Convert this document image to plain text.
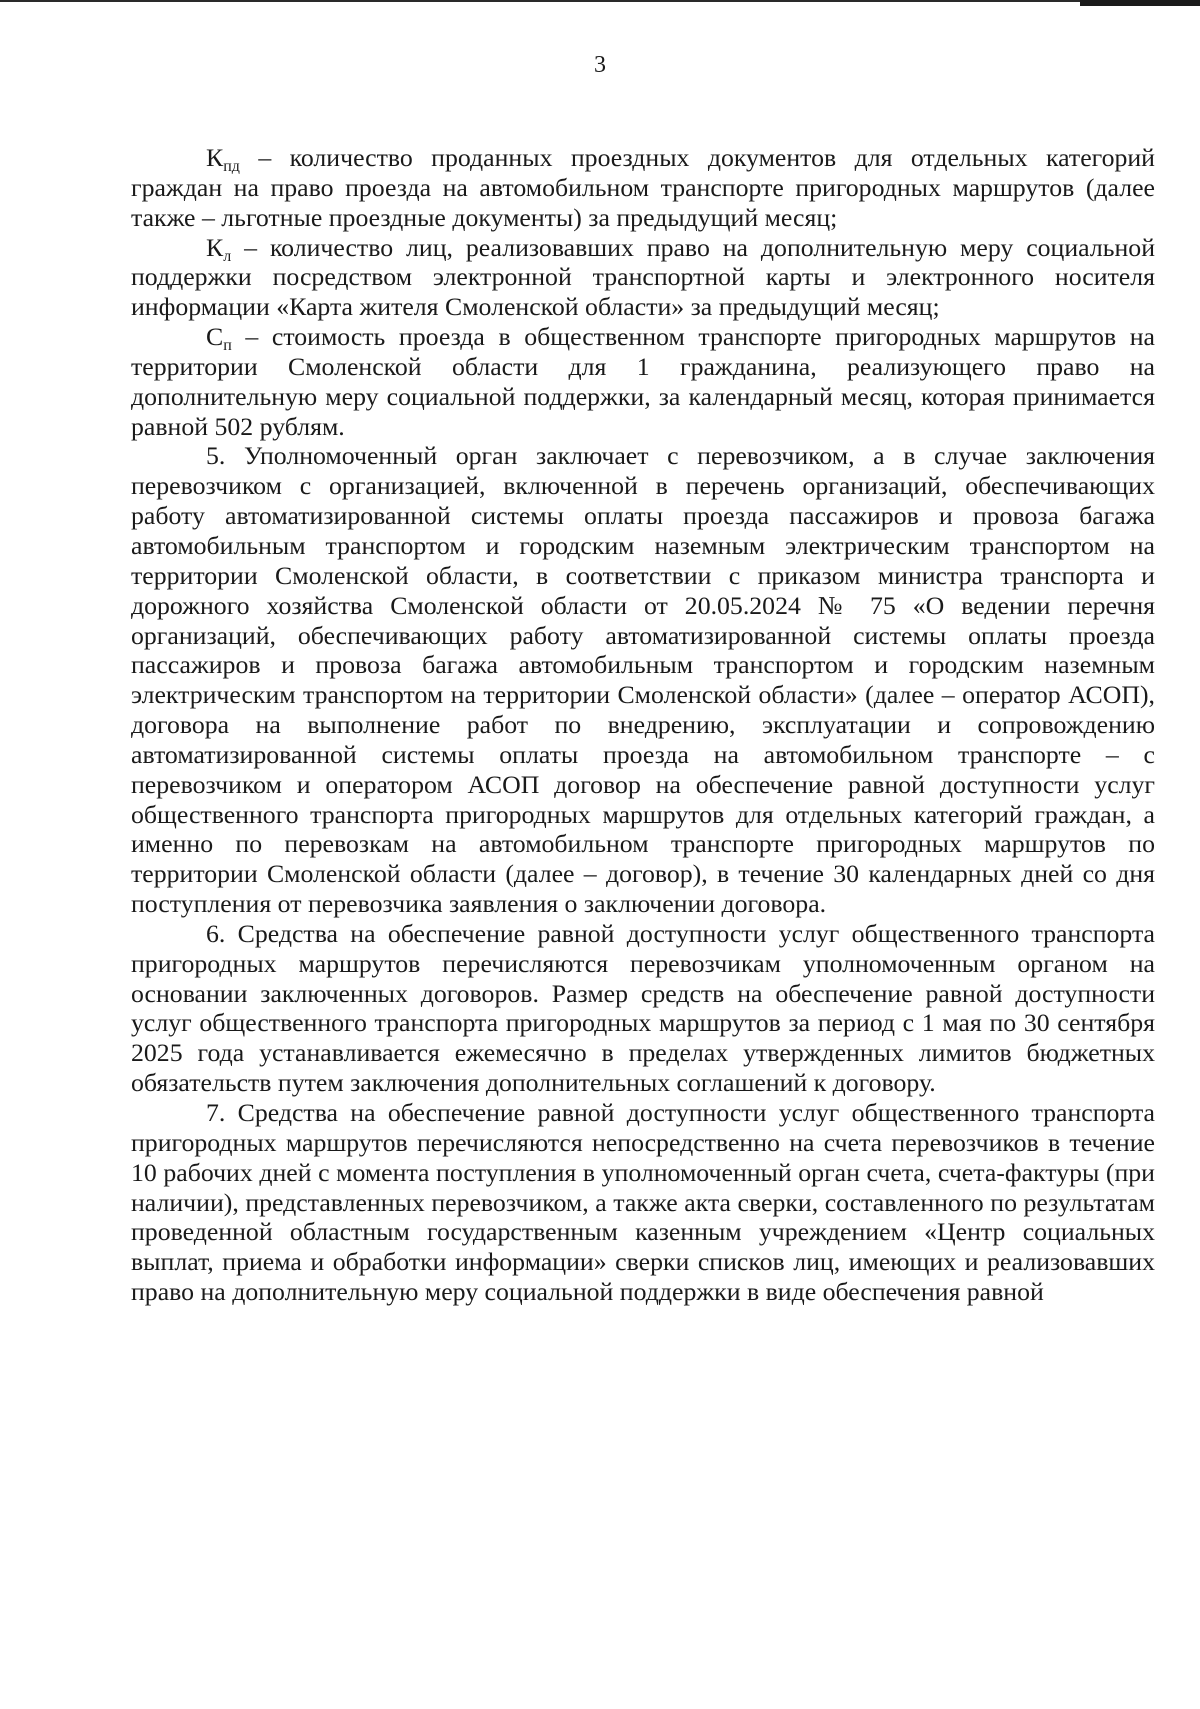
3

$К_{пд}$ – количество проданных проездных документов для отдельных категорий граждан на право проезда на автомобильном транспорте пригородных маршрутов (далее также – льготные проездные документы) за предыдущий месяц;

$К_л$ – количество лиц, реализовавших право на дополнительную меру социальной поддержки посредством электронной транспортной карты и электронного носителя информации «Карта жителя Смоленской области» за предыдущий месяц;

$С_п$ – стоимость проезда в общественном транспорте пригородных маршрутов на территории Смоленской области для 1 гражданина, реализующего право на дополнительную меру социальной поддержки, за календарный месяц, которая принимается равной 502 рублям.

5. Уполномоченный орган заключает с перевозчиком, а в случае заключения перевозчиком с организацией, включенной в перечень организаций, обеспечивающих работу автоматизированной системы оплаты проезда пассажиров и провоза багажа автомобильным транспортом и городским наземным электрическим транспортом на территории Смоленской области, в соответствии с приказом министра транспорта и дорожного хозяйства Смоленской области от 20.05.2024 № 75 «О ведении перечня организаций, обеспечивающих работу автоматизированной системы оплаты проезда пассажиров и провоза багажа автомобильным транспортом и городским наземным электрическим транспортом на территории Смоленской области» (далее – оператор АСОП), договора на выполнение работ по внедрению, эксплуатации и сопровождению автоматизированной системы оплаты проезда на автомобильном транспорте – с перевозчиком и оператором АСОП договор на обеспечение равной доступности услуг общественного транспорта пригородных маршрутов для отдельных категорий граждан, а именно по перевозкам на автомобильном транспорте пригородных маршрутов по территории Смоленской области (далее – договор), в течение 30 календарных дней со дня поступления от перевозчика заявления о заключении договора.

6. Средства на обеспечение равной доступности услуг общественного транспорта пригородных маршрутов перечисляются перевозчикам уполномоченным органом на основании заключенных договоров. Размер средств на обеспечение равной доступности услуг общественного транспорта пригородных маршрутов за период с 1 мая по 30 сентября 2025 года устанавливается ежемесячно в пределах утвержденных лимитов бюджетных обязательств путем заключения дополнительных соглашений к договору.

7. Средства на обеспечение равной доступности услуг общественного транспорта пригородных маршрутов перечисляются непосредственно на счета перевозчиков в течение 10 рабочих дней с момента поступления в уполномоченный орган счета, счета-фактуры (при наличии), представленных перевозчиком, а также акта сверки, составленного по результатам проведенной областным государственным казенным учреждением «Центр социальных выплат, приема и обработки информации» сверки списков лиц, имеющих и реализовавших право на дополнительную меру социальной поддержки в виде обеспечения равной
